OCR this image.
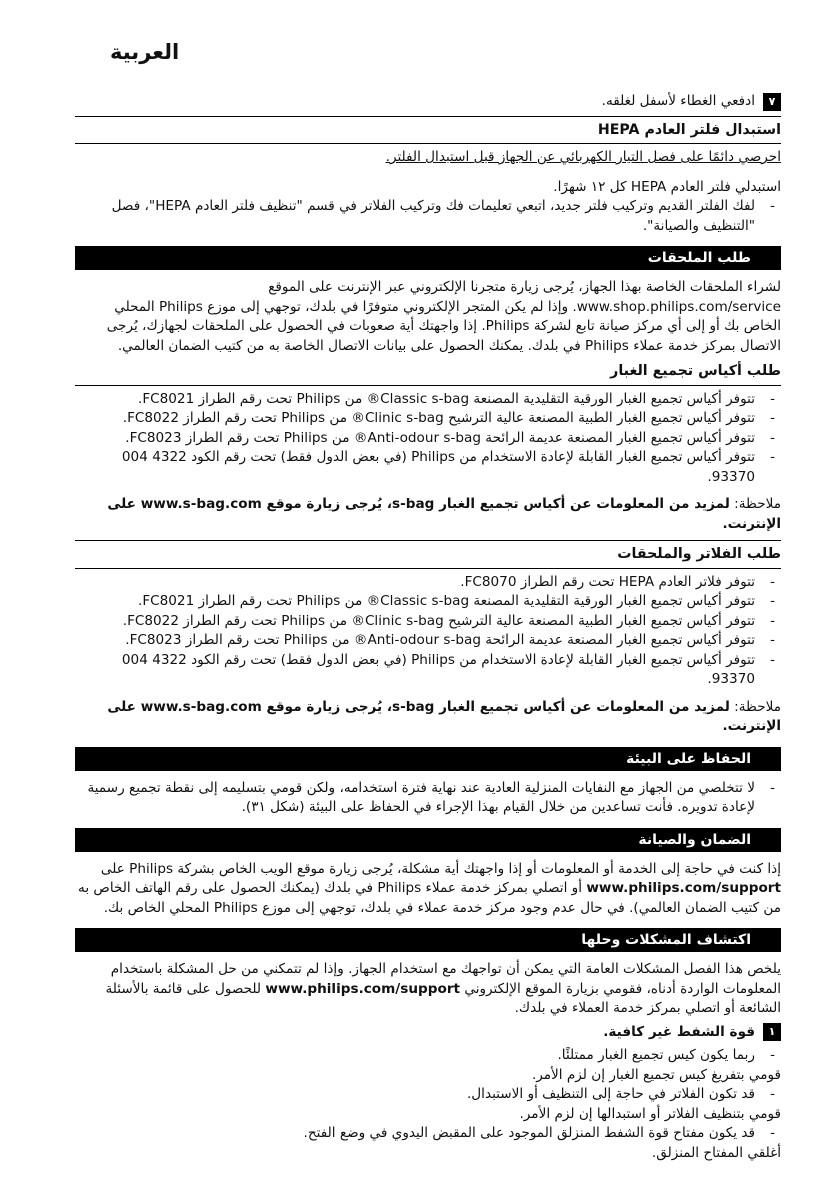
العربية
٧
ادفعي الغطاء لأسفل لغلقه.
استبدال فلتر العادم HEPA

احرصي دائمًا على فصل التيار الكهربائي عن الجهاز قبل استبدال الفلتر.

استبدلي فلتر العادم HEPA كل ١٢ شهرًا.

- لفك الفلتر القديم وتركيب فلتر جديد، اتبعي تعليمات فك وتركيب الفلاتر في قسم "تنظيف فلتر العادم HEPA"، فصل "التنظيف والصيانة".
طلب الملحقات

لشراء الملحقات الخاصة بهذا الجهاز، يُرجى زيارة متجرنا الإلكتروني عبر الإنترنت على الموقع www.shop.philips.com/service. وإذا لم يكن المتجر الإلكتروني متوفرًا في بلدك، توجهي إلى موزع Philips المحلي الخاص بك أو إلى أي مركز صيانة تابع لشركة Philips. إذا واجهتك أية صعوبات في الحصول على الملحقات لجهازك، يُرجى الاتصال بمركز خدمة عملاء Philips في بلدك. يمكنك الحصول على بيانات الاتصال الخاصة به من كتيب الضمان العالمي.

طلب أكياس تجميع الغبار
- تتوفر أكياس تجميع الغبار الورقية التقليدية المصنعة Classic s-bag® من Philips تحت رقم الطراز FC8021.
- تتوفر أكياس تجميع الغبار الطبية المصنعة عالية الترشيح Clinic s-bag® من Philips تحت رقم الطراز FC8022.
- تتوفر أكياس تجميع الغبار المصنعة عديمة الرائحة Anti-odour s-bag® من Philips تحت رقم الطراز FC8023.
- تتوفر أكياس تجميع الغبار القابلة لإعادة الاستخدام من Philips (في بعض الدول فقط) تحت رقم الكود 4322 004 93370.

ملاحظة: لمزيد من المعلومات عن أكياس تجميع الغبار s-bag، يُرجى زيارة موقع www.s-bag.com على الإنترنت.

طلب الفلاتر والملحقات
- تتوفر فلاتر العادم HEPA تحت رقم الطراز FC8070.
- تتوفر أكياس تجميع الغبار الورقية التقليدية المصنعة Classic s-bag® من Philips تحت رقم الطراز FC8021.
- تتوفر أكياس تجميع الغبار الطبية المصنعة عالية الترشيح Clinic s-bag® من Philips تحت رقم الطراز FC8022.
- تتوفر أكياس تجميع الغبار المصنعة عديمة الرائحة Anti-odour s-bag® من Philips تحت رقم الطراز FC8023.
- تتوفر أكياس تجميع الغبار القابلة لإعادة الاستخدام من Philips (في بعض الدول فقط) تحت رقم الكود 4322 004 93370.

ملاحظة: لمزيد من المعلومات عن أكياس تجميع الغبار s-bag، يُرجى زيارة موقع www.s-bag.com على الإنترنت.

الحفاظ على البيئة
- لا تتخلصي من الجهاز مع النفايات المنزلية العادية عند نهاية فترة استخدامه، ولكن قومي بتسليمه إلى نقطة تجميع رسمية لإعادة تدويره. فأنت تساعدين من خلال القيام بهذا الإجراء في الحفاظ على البيئة (شكل ٣١).
الضمان والصيانة

إذا كنت في حاجة إلى الخدمة أو المعلومات أو إذا واجهتك أية مشكلة، يُرجى زيارة موقع الويب الخاص بشركة Philips على www.philips.com/support أو اتصلي بمركز خدمة عملاء Philips في بلدك (يمكنك الحصول على رقم الهاتف الخاص به من كتيب الضمان العالمي). في حال عدم وجود مركز خدمة عملاء في بلدك، توجهي إلى موزع Philips المحلي الخاص بك.

اكتشاف المشكلات وحلها

يلخص هذا الفصل المشكلات العامة التي يمكن أن تواجهك مع استخدام الجهاز. وإذا لم تتمكني من حل المشكلة باستخدام المعلومات الواردة أدناه، فقومي بزيارة الموقع الإلكتروني www.philips.com/support للحصول على قائمة بالأسئلة الشائعة أو اتصلي بمركز خدمة العملاء في بلدك.

١
قوة الشفط غير كافية.
- ربما يكون كيس تجميع الغبار ممتلئًا.

قومي بتفريغ كيس تجميع الغبار إن لزم الأمر.

- قد تكون الفلاتر في حاجة إلى التنظيف أو الاستبدال.

قومي بتنظيف الفلاتر أو استبدالها إن لزم الأمر.

- قد يكون مفتاح قوة الشفط المنزلق الموجود على المقبض اليدوي في وضع الفتح.

أغلقي المفتاح المنزلق.
